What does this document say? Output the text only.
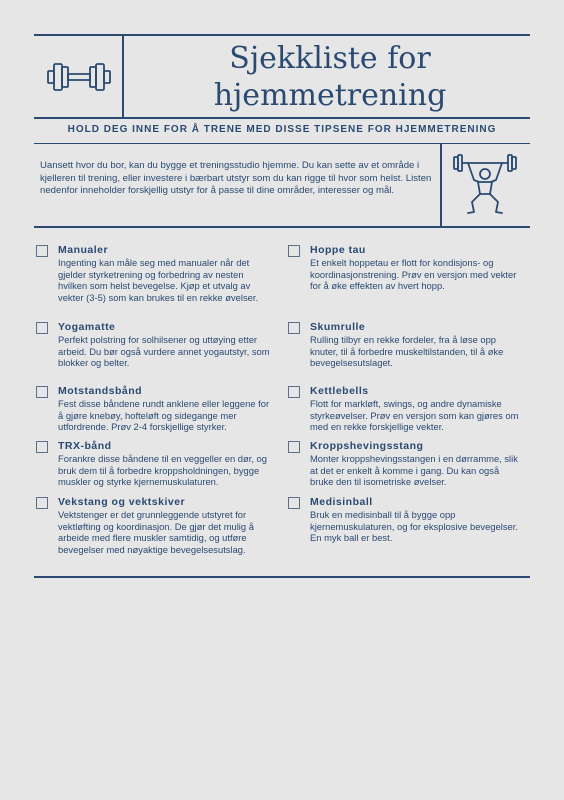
Sjekkliste for
hjemmetrening
HOLD DEG INNE FOR Å TRENE MED DISSE TIPSENE FOR HJEMMETRENING
Uansett hvor du bor, kan du bygge et treningsstudio hjemme. Du kan sette av et område i kjelleren til trening, eller investere i bærbart utstyr som du kan rigge til hvor som helst. Listen nedenfor inneholder forskjellig utstyr for å passe til dine områder, interesser og mål.
Manualer
Ingenting kan måle seg med manualer når det gjelder styrketrening og forbedring av nesten hvilken som helst bevegelse. Kjøp et utvalg av vekter (3-5) som kan brukes til en rekke øvelser.
Yogamatte
Perfekt polstring for solhilsener og uttøying etter arbeid. Du bør også vurdere annet yogautstyr, som blokker og belter.
Motstandsbånd
Fest disse båndene rundt anklene eller leggene for å gjøre knebøy, hofteløft og sidegange mer utfordrende. Prøv 2-4 forskjellige styrker.
TRX-bånd
Forankre disse båndene til en veggeller en dør, og bruk dem til å forbedre kroppsholdningen, bygge muskler og styrke kjernemuskulaturen.
Vekstang og vektskiver
Vektstenger er det grunnleggende utstyret for vektløfting og koordinasjon. De gjør det mulig å arbeide med flere muskler samtidig, og utføre bevegelser med nøyaktige bevegelsesutslag.
Hoppe tau
Et enkelt hoppetau er flott for kondisjons- og koordinasjonstrening. Prøv en versjon med vekter for å øke effekten av hvert hopp.
Skumrulle
Rulling tilbyr en rekke fordeler, fra å løse opp knuter, til å forbedre muskeltilstanden, til å øke bevegelsesutslaget.
Kettlebells
Flott for markløft, swings, og andre dynamiske styrkeøvelser. Prøv en versjon som kan gjøres om med en rekke forskjellige vekter.
Kroppshevingsstang
Monter kroppshevingsstangen i en dørramme, slik at det er enkelt å komme i gang. Du kan også bruke den til isometriske øvelser.
Medisinball
Bruk en medisinball til å bygge opp kjernemuskulaturen, og for eksplosive bevegelser. En myk ball er best.
